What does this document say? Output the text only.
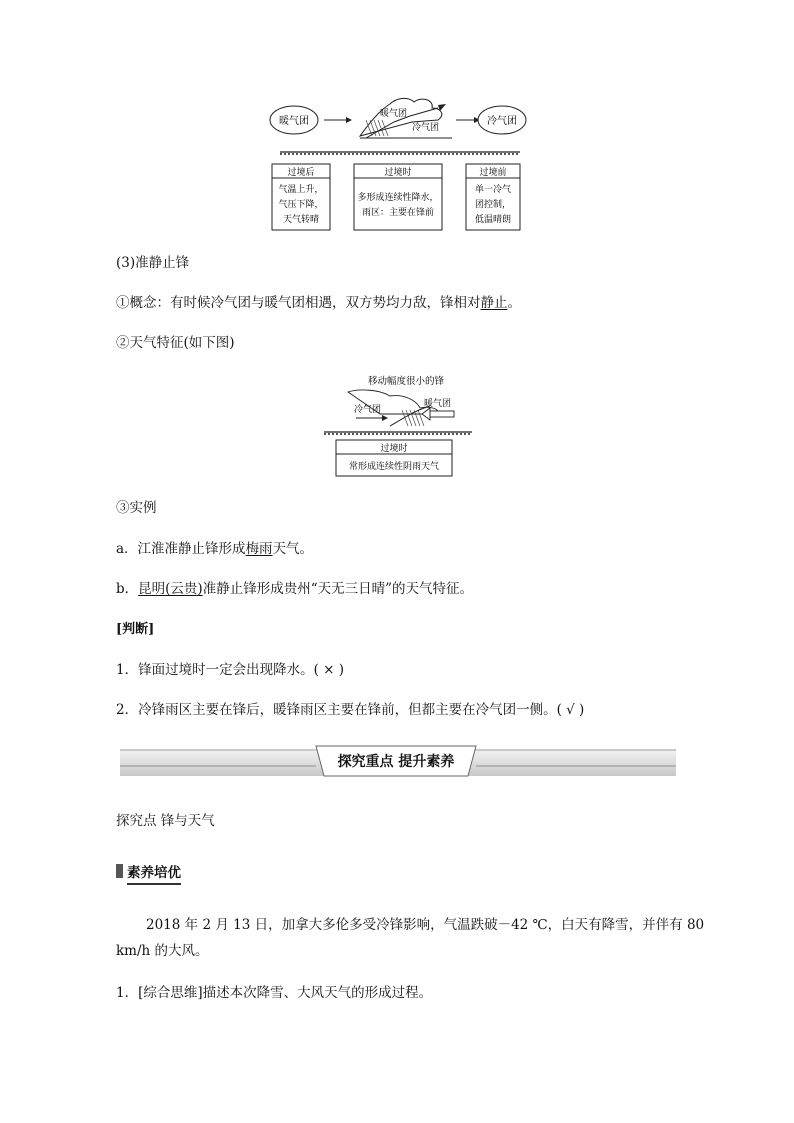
暖气团
暖气团
冷气团
冷气团
过境后
气温上升，
气压下降，
天气转晴
过境时
多形成连续性降水，
雨区：主要在锋前
过境前
单一冷气
团控制，
低温晴朗
(3)准静止锋
①概念：有时候冷气团与暖气团相遇，双方势均力敌，锋相对静止。
②天气特征(如下图)
移动幅度很小的锋
冷气团
暖气团
过境时
常形成连续性阴雨天气
③实例
a．江淮准静止锋形成梅雨天气。
b．昆明(云贵)准静止锋形成贵州“天无三日晴”的天气特征。
[判断]
1．锋面过境时一定会出现降水。( × )
2．冷锋雨区主要在锋后，暖锋雨区主要在锋前，但都主要在冷气团一侧。( √ )
探究重点 提升素养
探究点 锋与天气
素养培优
2018 年 2 月 13 日，加拿大多伦多受冷锋影响，气温跌破－42 ℃，白天有降雪，并伴有 80
km/h 的大风。
1．[综合思维]描述本次降雪、大风天气的形成过程。
